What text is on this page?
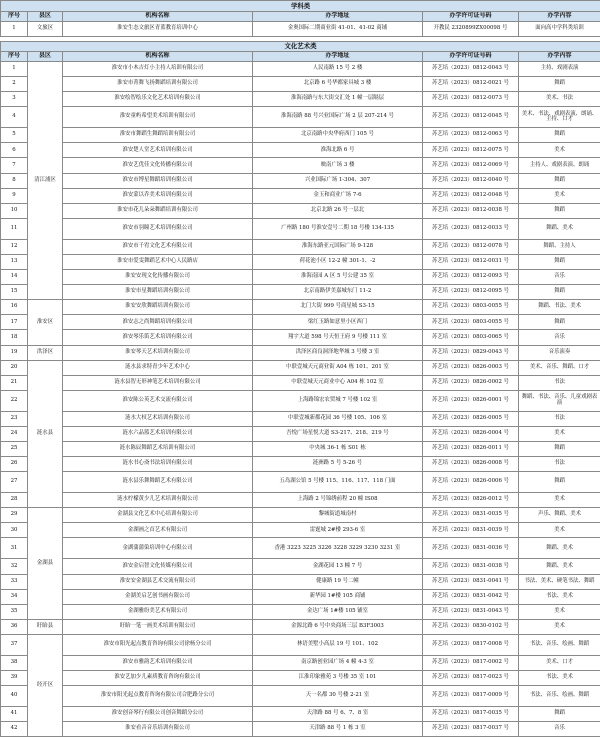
学科类					
序号	县区	机构名称	办学地址	办学许可证号码	办学内容
1	文旅区	淮安生态文旅区青蓝教育培训中心	金奥国际二期商业街 41-01、41-02 商铺	开教民 2320899ZX00098 号	面向高中学科类培训
文化艺术类					
序号	县区	机构名称	办学地址	办学许可证号码	办学内容
1	清江浦区	淮安市小木吉灯小主持人培训有限公司	人民南路 15 号 2 楼	苏艺培（2023）0812-0043 号	主持、戏剧表演
2		淮安市菁舞飞扬舞蹈培训有限公司	北京路 6 号华都家具城 3 楼	苏艺培（2023）0812-0021 号	舞蹈
3		淮安绘智绘乐文化艺术培训有限公司	淮海南路与东大街交汇处 1 幢一层隔层	苏艺培（2023）0812-0073 号	美术、书法
4		淮安童屿希望美术培训有限公司	淮海南路 88 号兴业国际广场 2 层 207-214 号	苏艺培（2023）0812-0045 号	美术、书法、戏剧表演、朗诵、主持、口才
5		淮安市舞蹈生舞蹈培训有限公司	北京南路中央华府西门 105 号	苏艺培（2023）0812-0063 号	舞蹈
6		淮安楚人堂艺术培训有限公司	淮海北路 6 号	苏艺培（2023）0812-0075 号	美术
7		淮安艺优佳文化传播有限公司	映南广场 3 楼	苏艺培（2023）0812-0069 号	主持人、戏剧表演、朗诵
8		淮安市博星舞蹈培训有限公司	兴业国际广场 1-304、307	苏艺培（2023）0812-0040 号	舞蹈
9		淮安蒙以乔美术培训有限公司	金玉和商业广场 7-6	苏艺培（2023）0812-0048 号	美术
10		淮安市花儿朵朵舞蹈培训有限公司	北京北路 26 号一层北	苏艺培（2023）0812-0038 号	舞蹈
11		淮安市羽瞳艺术培训有限公司	广州路 180 号淮安壹号二期 18 号楼 134-135	苏艺培（2023）0812-0033 号	舞蹈、美术
12		淮安市千宥文化艺术有限公司	淮海东路亚元国际广场 9-128	苏艺培（2023）0812-0078 号	舞蹈、主持人
13		淮安市爱雯舞蹈艺术中心人民路店	荷花池小区 12-2 幢 301-1、-2	苏艺培（2023）0812-0031 号	舞蹈
14		淮安安现文化传播有限公司	淮海南园 A 区 5 号公建 35 室	苏艺培（2023）0812-0093 号	音乐
15		淮安市星舞蹈培训有限公司	北京南路伊美嘉城东门 11-2	苏艺培（2023）0812-0095 号	舞蹈
16	淮安区	淮安安欣舞蹈培训有限公司	北门大街 999 号商星城 S3-15	苏艺培（2023）0803-0055 号	舞蹈、书法、美术
17		淮安志之尚舞蹈培训有限公司	梁红玉路如意里小区西门	苏艺培（2023）0803-0055 号	舞蹈
18		淮安琴乐笛艺术培训有限公司	翔宇大道 598 号天恒王府 9 号楼 111 室	苏艺培（2023）0803-0065 号	音乐
19	洪泽区	淮安琴天艺术培训有限公司	洪泽区商良洞泽地华城 3 号楼 3 室	苏艺培（2023）0829-0043 号	音乐演奏
20	涟水县	涟水县求特青少年艺术中心	中联壹城天元商业街 A04 栋 101、201 室	苏艺培（2023）0826-0003 号	美术、音乐、舞蹈、口才
21		涟水县智无形神笔艺术培训有限公司	中联壹城天元商业中心 A04 栋 102 室	苏艺培（2023）0826-0002 号	书法
22		淮安陈公英艺术交流有限公司	上海路锦宏农贸城 7 号楼 102 室	苏艺培（2023）0826-0001 号	舞蹈、书法、音乐、儿童戏剧表演
23		涟水大权艺术培训有限公司	中联壹城新都花园 36 号楼 105、106 室	苏艺培（2023）0826-0005 号	书法
24		涟水六品篮艺术培训有限公司	吾悦广场星悦大道 S3-217、218、219 号	苏艺培（2023）0826-0004 号	美术
25		涟水陈辰舞蹈艺术培训有限公司	中央城 36-1 栋 S01 栋	苏艺培（2023）0826-0011 号	舞蹈
26		涟水书心斋书法培训有限公司	涟洲路 5 号 5-26 号	苏艺培（2023）0826-0008 号	书法
27		涟水县乐舞舞蹈艺术有限公司	五岛湖公馆 5 号楼 115、116、117、118 门面	苏艺培（2023）0826-0006 号	舞蹈
28		涟水柠檬黄少儿艺术培训有限公司	上海路 2 号锦绣前程 20 幢 IS08	苏艺培（2023）0826-0012 号	美术
29	金湖县	金湖县文化艺术中心培训有限公司	黎城街道城南村	苏艺培（2023）0831-0035 号	声乐、舞蹈、美术
30		金湖画之首艺术有限公司	雷霆城 2#楼 293-6 室	苏艺培（2023）0831-0039 号	美术
31		金湖蒲蒲染培训中心有限公司	香港 3223 3225 3226 3228 3229 3230 3231 室	苏艺培（2023）0831-0036 号	舞蹈、美术
32		淮安金启智文化传媒有限公司	金湖花园 13 幢 7 号	苏艺培（2023）0831-0038 号	舞蹈、美术
33		淮安安金湖县艺术交流有限公司	健康路 19 号二幢	苏艺培（2023）0831-0041 号	书法、美术、硬笔书法、舞蹈
34		金湖美启艺创书画有限公司	新华园 1#楼 105 商铺	苏艺培（2023）0831-0042 号	书法、美术
35		金湖雅纷美艺术有限公司	金达广场 1#楼 105 铺室	苏艺培（2023）0831-0043 号	美术
36	盱眙县	盱眙一笔一画美术培训有限公司	金源北路 6 号中央商场三层 B3F3003	苏艺培（2023）0830-0102 号	美术
37	经开区	淮安市阳光起点教育咨询有限公司徐杨分公司	林语美墅小高层 19 号 101、102	苏艺培（2023）0817-0008 号	书法、音乐、绘画、舞蹈
38		淮安市雅韵艺术培训有限公司	南京路创业园广场 4 幢 4-3 室	苏艺培（2023）0817-0002 号	美术、口才
39		淮安艺加少儿素质教育咨询有限公司	江淮印象雅苑 3 号楼 35 室 101	苏艺培（2023）0817-0023 号	书法、美术
40		淮安市阳光起点教育咨询有限公司合肥路分公司	天一名都 30 号楼 2-21 室	苏艺培（2023）0817-0009 号	书法、音乐、绘画、舞蹈
41		淮安创音琴行有限公司创音舞蹈分公司	天津路 88 号 6、7、8 室	苏艺培（2023）0817-0035 号	舞蹈
42		淮安看音音乐培训有限公司	天津路 88 号 1 栋 3 室	苏艺培（2023）0817-0037 号	音乐
